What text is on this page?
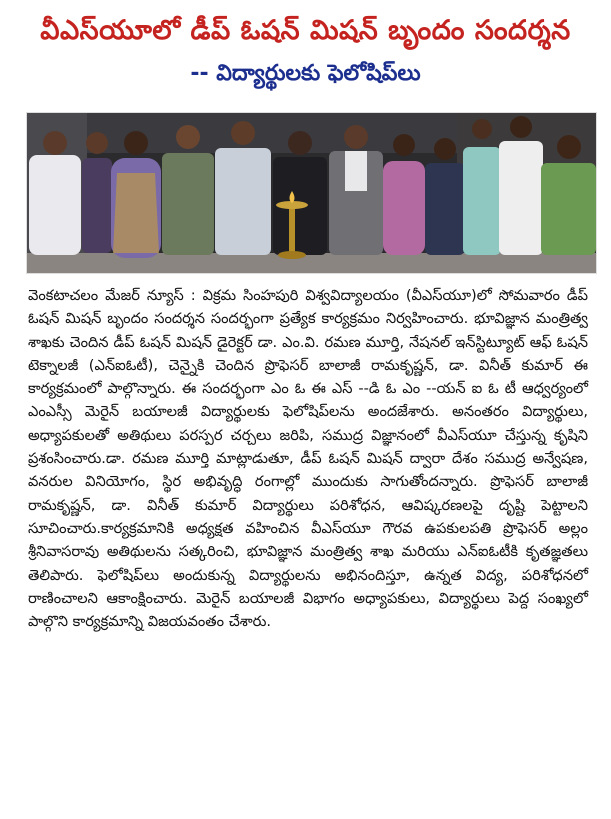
వీఎస్‌యూలో డీప్ ఓషన్ మిషన్ బృందం సందర్శన
-- విద్యార్థులకు ఫెలోషిప్‌లు

వెంకటాచలం మేజర్ న్యూస్ : విక్రమ సింహపురి విశ్వవిద్యాలయం (వీఎస్‌యూ)లో సోమవారం డీప్ ఓషన్ మిషన్ బృందం సందర్శన సందర్భంగా ప్రత్యేక కార్యక్రమం నిర్వహించారు. భూవిజ్ఞాన మంత్రిత్వ శాఖకు చెందిన డీప్ ఓషన్ మిషన్ డైరెక్టర్ డా. ఎం.వి. రమణ మూర్తి, నేషనల్ ఇన్‌స్టిట్యూట్ ఆఫ్ ఓషన్ టెక్నాలజీ (ఎన్ఐఓటీ), చెన్నైకి చెందిన ప్రొఫెసర్ బాలాజీ రామకృష్ణన్, డా. వినీత్ కుమార్ ఈ కార్యక్రమంలో పాల్గొన్నారు. ఈ సందర్భంగా ఎం ఓ ఈ ఎస్ --డి ఓ ఎం --యన్ ఐ ఓ టీ ఆధ్వర్యంలో ఎంఎస్సీ మెరైన్ బయాలజీ విద్యార్థులకు ఫెలోషిప్‌లను అందజేశారు. అనంతరం విద్యార్థులు, అధ్యాపకులతో అతిథులు పరస్పర చర్చలు జరిపి, సముద్ర విజ్ఞానంలో వీఎస్‌యూ చేస్తున్న కృషిని ప్రశంసించారు.డా. రమణ మూర్తి మాట్లాడుతూ, డీప్ ఓషన్ మిషన్ ద్వారా దేశం సముద్ర అన్వేషణ, వనరుల వినియోగం, స్థిర అభివృద్ధి రంగాల్లో ముందుకు సాగుతోందన్నారు. ప్రొఫెసర్ బాలాజీ రామకృష్ణన్, డా. వినీత్ కుమార్ విద్యార్థులు పరిశోధన, ఆవిష్కరణలపై దృష్టి పెట్టాలని సూచించారు.కార్యక్రమానికి అధ్యక్షత వహించిన వీఎస్‌యూ గౌరవ ఉపకులపతి ప్రొఫెసర్ అల్లం శ్రీనివాసరావు అతిథులను సత్కరించి, భూవిజ్ఞాన మంత్రిత్వ శాఖ మరియు ఎన్ఐఓటీకి కృతజ్ఞతలు తెలిపారు. ఫెలోషిప్‌లు అందుకున్న విద్యార్థులను అభినందిస్తూ, ఉన్నత విద్య, పరిశోధనలో రాణించాలని ఆకాంక్షించారు. మెరైన్ బయాలజీ విభాగం అధ్యాపకులు, విద్యార్థులు పెద్ద సంఖ్యలో పాల్గొని కార్యక్రమాన్ని విజయవంతం చేశారు.
